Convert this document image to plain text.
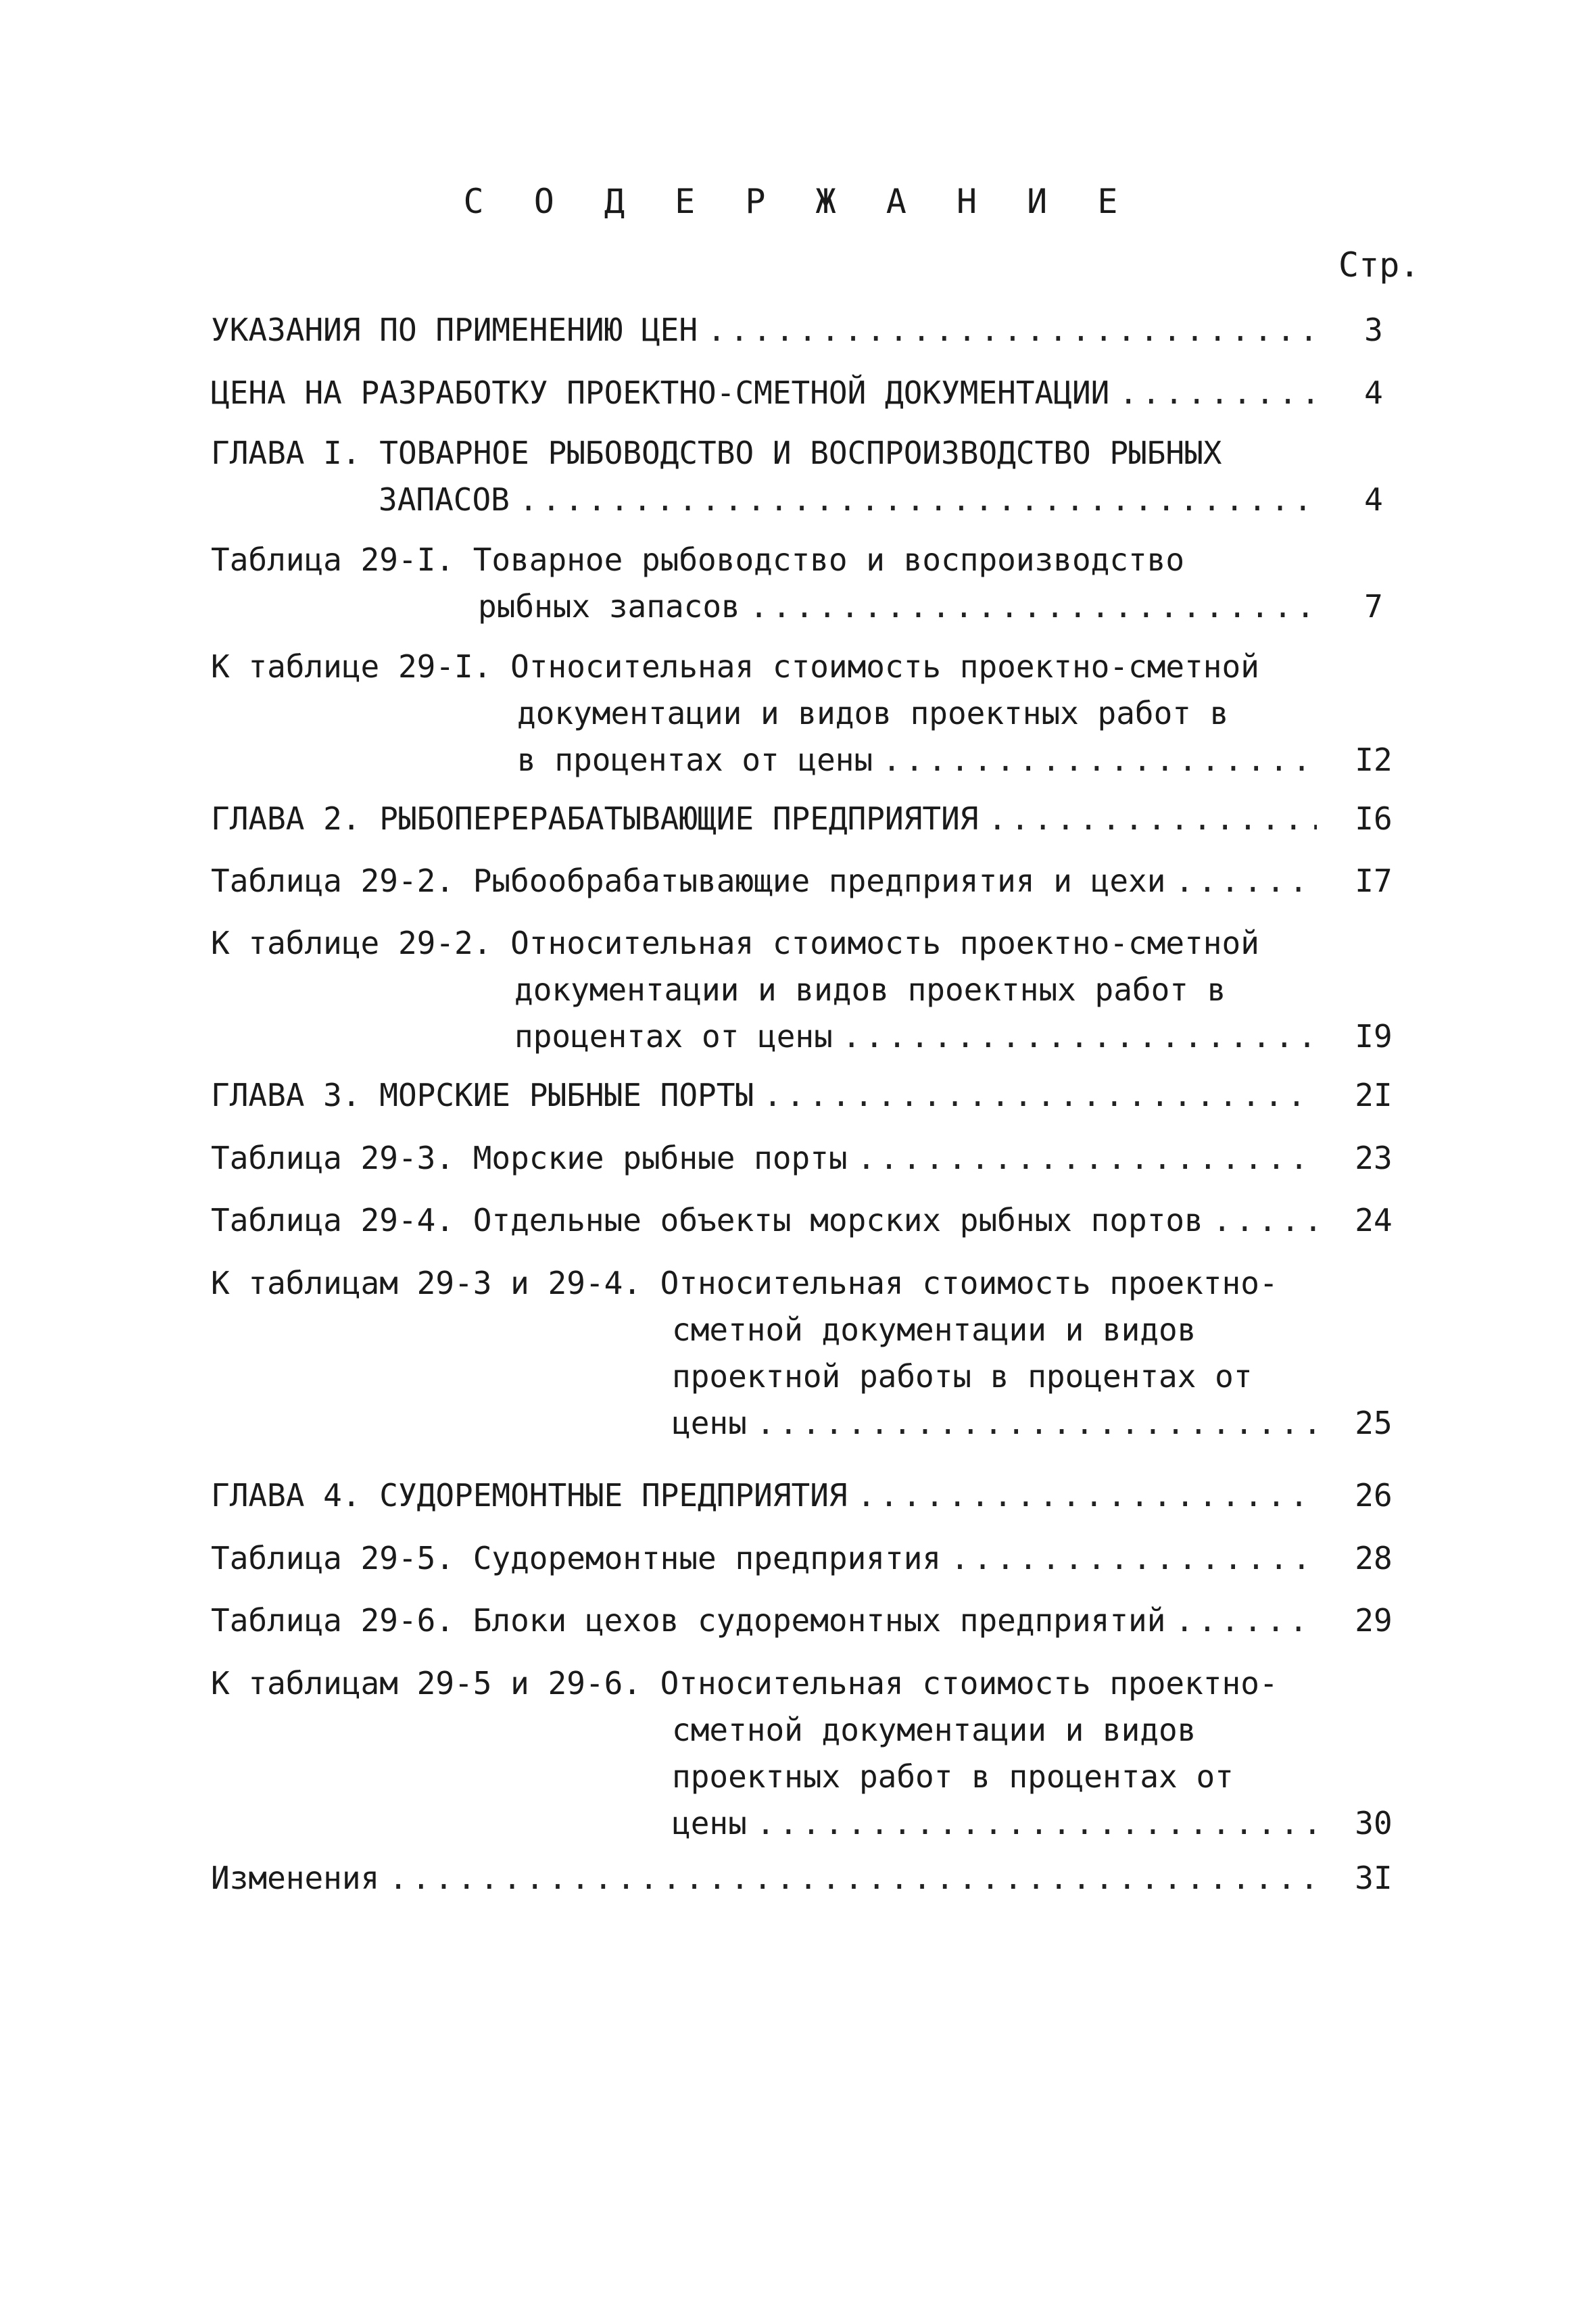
С О Д Е Р Ж А Н И Е
Стр.
УКАЗАНИЯ ПО ПРИМЕНЕНИЮ ЦЕН .....	3
ЦЕНА НА РАЗРАБОТКУ ПРОЕКТНО-СМЕТНОЙ ДОКУМЕНТАЦИИ .....	4
ГЛАВА I. ТОВАРНОЕ РЫБОВОДСТВО И ВОСПРОИЗВОДСТВО РЫБНЫХ
ЗАПАСОВ .....	4
Таблица 29-I. Товарное рыбоводство и воспроизводство
рыбных запасов .....	7
К таблице 29-I. Относительная стоимость проектно-сметной
документации и видов проектных работ в
в процентах от цены .....	I2
ГЛАВА 2. РЫБОПЕРЕРАБАТЫВАЮЩИЕ ПРЕДПРИЯТИЯ .....	I6
Таблица 29-2. Рыбообрабатывающие предприятия и цехи .....	I7
К таблице 29-2. Относительная стоимость проектно-сметной
документации и видов проектных работ в
процентах от цены .....	I9
ГЛАВА 3. МОРСКИЕ РЫБНЫЕ ПОРТЫ .....	2I
Таблица 29-3. Морские рыбные порты .....	23
Таблица 29-4. Отдельные объекты морских рыбных портов .....	24
К таблицам 29-3 и 29-4. Относительная стоимость проектно-
сметной документации и видов
проектной работы в процентах от
цены .....	25
ГЛАВА 4. СУДОРЕМОНТНЫЕ ПРЕДПРИЯТИЯ .....	26
Таблица 29-5. Судоремонтные предприятия .....	28
Таблица 29-6. Блоки цехов судоремонтных предприятий .....	29
К таблицам 29-5 и 29-6. Относительная стоимость проектно-
сметной документации и видов
проектных работ в процентах от
цены .....	30
Изменения .....	3I
